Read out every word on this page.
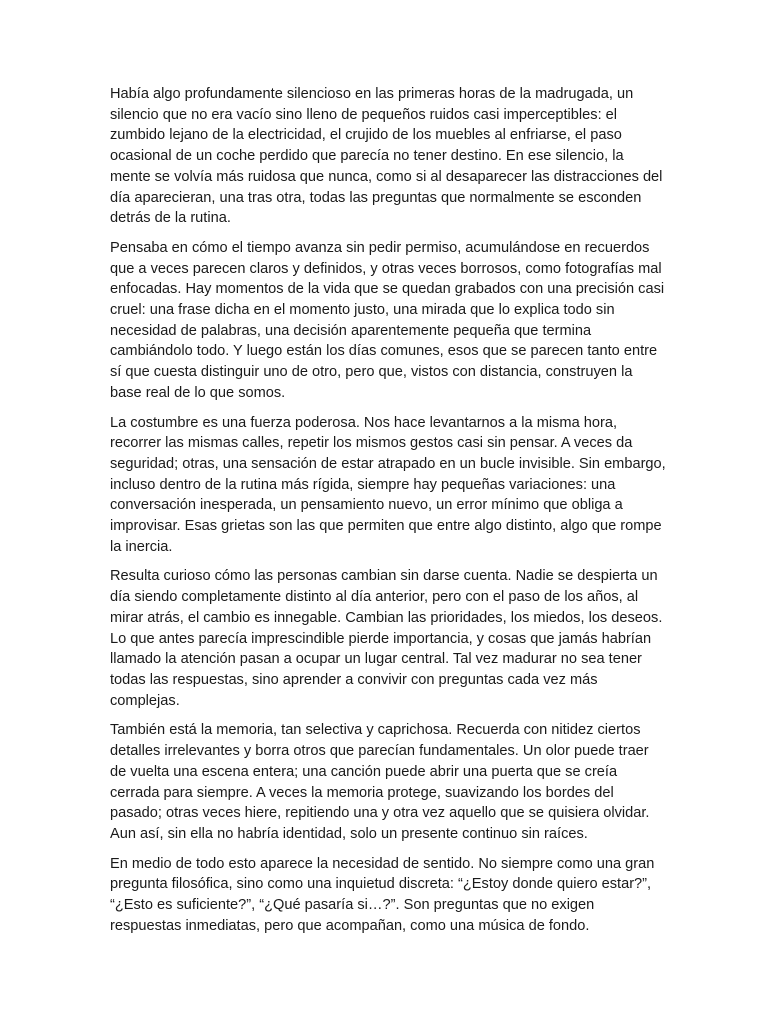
Había algo profundamente silencioso en las primeras horas de la madrugada, un silencio que no era vacío sino lleno de pequeños ruidos casi imperceptibles: el zumbido lejano de la electricidad, el crujido de los muebles al enfriarse, el paso ocasional de un coche perdido que parecía no tener destino. En ese silencio, la mente se volvía más ruidosa que nunca, como si al desaparecer las distracciones del día aparecieran, una tras otra, todas las preguntas que normalmente se esconden detrás de la rutina.

Pensaba en cómo el tiempo avanza sin pedir permiso, acumulándose en recuerdos que a veces parecen claros y definidos, y otras veces borrosos, como fotografías mal enfocadas. Hay momentos de la vida que se quedan grabados con una precisión casi cruel: una frase dicha en el momento justo, una mirada que lo explica todo sin necesidad de palabras, una decisión aparentemente pequeña que termina cambiándolo todo. Y luego están los días comunes, esos que se parecen tanto entre sí que cuesta distinguir uno de otro, pero que, vistos con distancia, construyen la base real de lo que somos.

La costumbre es una fuerza poderosa. Nos hace levantarnos a la misma hora, recorrer las mismas calles, repetir los mismos gestos casi sin pensar. A veces da seguridad; otras, una sensación de estar atrapado en un bucle invisible. Sin embargo, incluso dentro de la rutina más rígida, siempre hay pequeñas variaciones: una conversación inesperada, un pensamiento nuevo, un error mínimo que obliga a improvisar. Esas grietas son las que permiten que entre algo distinto, algo que rompe la inercia.

Resulta curioso cómo las personas cambian sin darse cuenta. Nadie se despierta un día siendo completamente distinto al día anterior, pero con el paso de los años, al mirar atrás, el cambio es innegable. Cambian las prioridades, los miedos, los deseos. Lo que antes parecía imprescindible pierde importancia, y cosas que jamás habrían llamado la atención pasan a ocupar un lugar central. Tal vez madurar no sea tener todas las respuestas, sino aprender a convivir con preguntas cada vez más complejas.

También está la memoria, tan selectiva y caprichosa. Recuerda con nitidez ciertos detalles irrelevantes y borra otros que parecían fundamentales. Un olor puede traer de vuelta una escena entera; una canción puede abrir una puerta que se creía cerrada para siempre. A veces la memoria protege, suavizando los bordes del pasado; otras veces hiere, repitiendo una y otra vez aquello que se quisiera olvidar. Aun así, sin ella no habría identidad, solo un presente continuo sin raíces.

En medio de todo esto aparece la necesidad de sentido. No siempre como una gran pregunta filosófica, sino como una inquietud discreta: “¿Estoy donde quiero estar?”, “¿Esto es suficiente?”, “¿Qué pasaría si…?”. Son preguntas que no exigen respuestas inmediatas, pero que acompañan, como una música de fondo.
